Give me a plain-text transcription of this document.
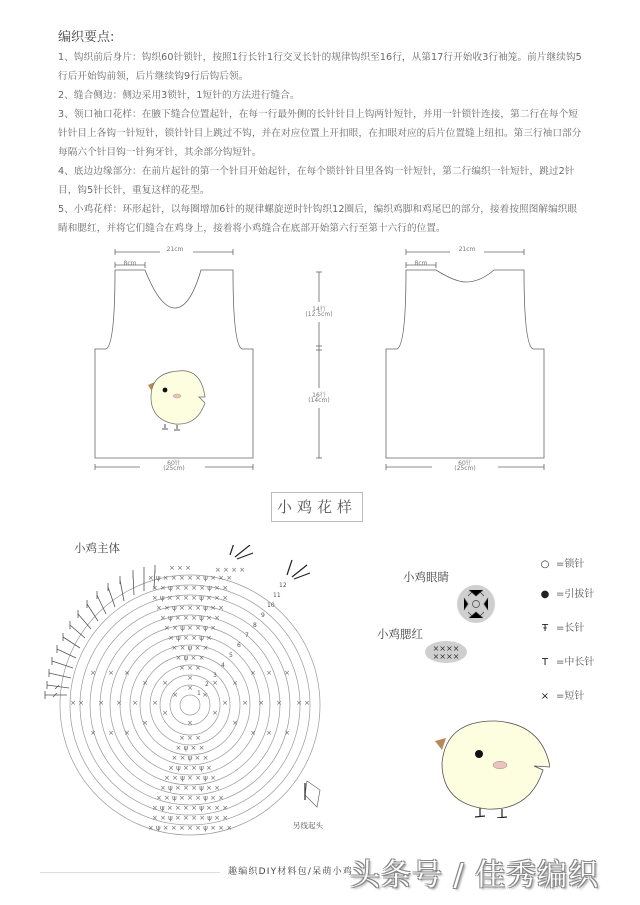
编织要点:
1、钩织前后身片：钩织60针锁针，按照1行长针1行交叉长针的规律钩织至16行，从第17行开始收3行袖笼。前片继续钩5行后开始钩前领，后片继续钩9行后钩后领。
2、缝合侧边：侧边采用3锁针，1短针的方法进行缝合。
3、领口袖口花样：在腋下缝合位置起针，在每一行最外侧的长针针目上钩两针短针，并用一针锁针连接，第二行在每个短针针目上各钩一针短针，锁针针目上跳过不钩，并在对应位置上开扣眼，在扣眼对应的后片位置缝上纽扣。第三行袖口部分每隔六个针目钩一针狗牙针，其余部分钩短针。
4、底边边缘部分：在前片起针的第一个针目开始起针，在每个锁针针目里各钩一针短针，第二行编织一针短针，跳过2针目，钩5针长针，重复这样的花型。
5、小鸡花样：环形起针，以每圈增加6针的规律螺旋逆时针钩织12圈后，编织鸡脚和鸡尾巴的部分，接着按照图解编织眼睛和腮红，并将它们缝合在鸡身上，接着将小鸡缝合在底部开始第六行至第十六行的位置。
21cm
8cm
14行
(12.5cm)
16行
(14cm)
60针
(25cm)
21cm
8cm
60针
(25cm)
小鸡花样
小鸡主体
×
×
×
×
×
×
×
×
×
× × ×
× × ×
×	×
× ψ × ×
× ψ × ×
×	×
×	×
× × ψ × ×
× × ψ × ×
×	×
× ψ × × ψ ×
× ψ × × ψ ×
×	×
×	×
× × ψ × × ψ ×
× × ψ × × ψ ×
×	×
× ψ × × × ψ × ×
× ψ × × × ψ × ×
×	×
×	×
× × ψ × × × ψ × ×
× × ψ × × × ψ × ×
×	×
× ψ × × × × ψ × × ×
× ψ × × × × ψ × × ×
×	×
×	×
× × ψ × × × × ψ × ×
× × ψ × × × × ψ × ×
×	×
× ψ × × × × × ψ × × ×
× ψ × × × × × ψ × × ×
×	×
× × ×	× × × ×
1
2
3
4
5
6
7
8
9
10
11
12
另线起头
小鸡眼睛
小鸡腮红
××××
××××
○ =锁针
● =引拔针
Ŧ =长针
T =中长针
× =短针
趣编织DIY材料包/呆萌小鸡
头条号 / 佳秀编织
